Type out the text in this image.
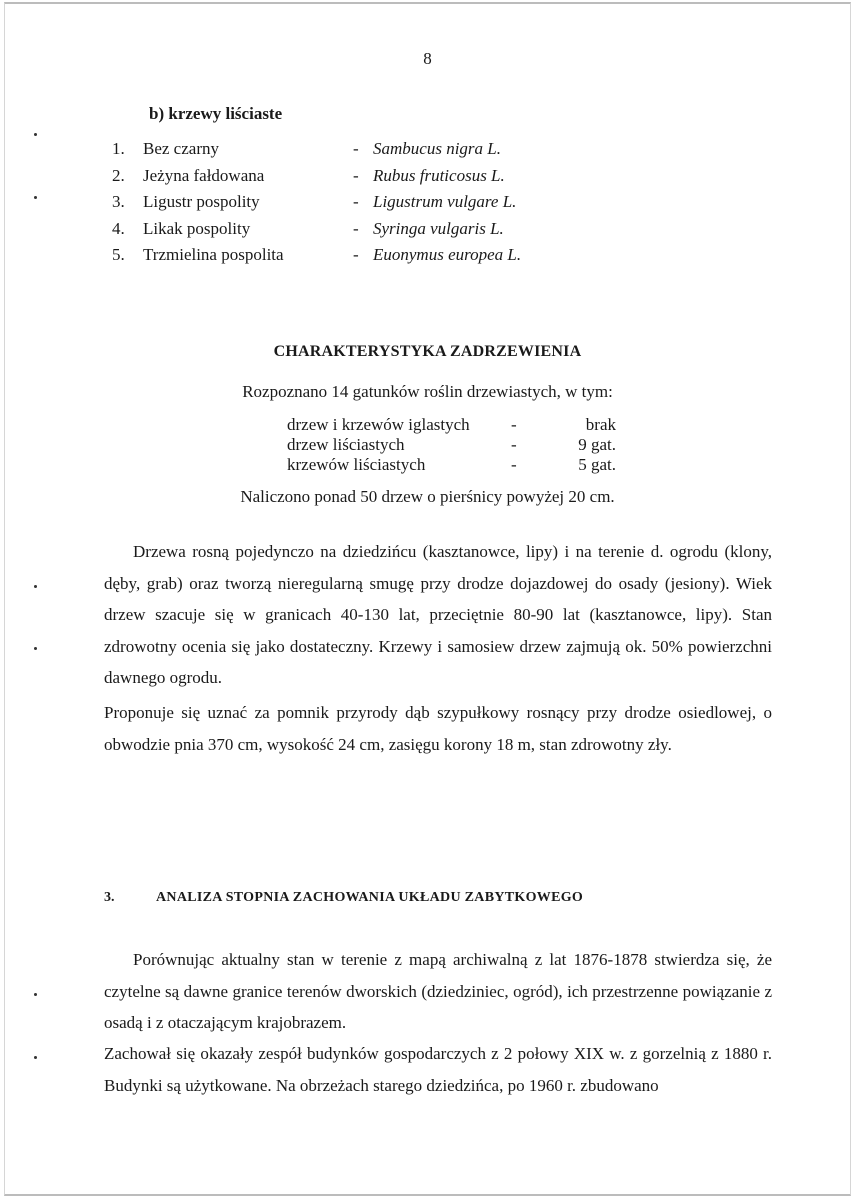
8
b) krzewy liściaste
1. Bez czarny	- Sambucus nigra L.
2. Jeżyna fałdowana	- Rubus fruticosus L.
3. Ligustr pospolity	- Ligustrum vulgare L.
4. Likak pospolity	- Syringa vulgaris L.
5. Trzmielina pospolita	- Euonymus europea L.
CHARAKTERYSTYKA ZADRZEWIENIA
Rozpoznano 14 gatunków roślin drzewiastych, w tym:
drzew i krzewów iglastych -	brak
drzew liściastych	-	9 gat.
krzewów liściastych	-	5 gat.
Naliczono ponad 50 drzew o pierśnicy powyżej 20 cm.
Drzewa rosną pojedynczo na dziedzińcu (kasztanowce, lipy) i na terenie d. ogrodu (klony, dęby, grab) oraz tworzą nieregularną smugę przy drodze dojazdowej do osady (jesiony). Wiek drzew szacuje się w granicach 40-130 lat, przeciętnie 80-90 lat (kasztanowce, lipy). Stan zdrowotny ocenia się jako dostateczny. Krzewy i samosiew drzew zajmują ok. 50% powierzchni dawnego ogrodu.
Proponuje się uznać za pomnik przyrody dąb szypułkowy rosnący przy drodze osiedlowej, o obwodzie pnia 370 cm, wysokość 24 cm, zasięgu korony 18 m, stan zdrowotny zły.
3.	ANALIZA STOPNIA ZACHOWANIA UKŁADU ZABYTKOWEGO
Porównując aktualny stan w terenie z mapą archiwalną z lat 1876-1878 stwierdza się, że czytelne są dawne granice terenów dworskich (dziedziniec, ogród), ich przestrzenne powiązanie z osadą i z otaczającym krajobrazem.
Zachował się okazały zespół budynków gospodarczych z 2 połowy XIX w. z gorzelnią z 1880 r. Budynki są użytkowane. Na obrzeżach starego dziedzińca, po 1960 r. zbudowano
